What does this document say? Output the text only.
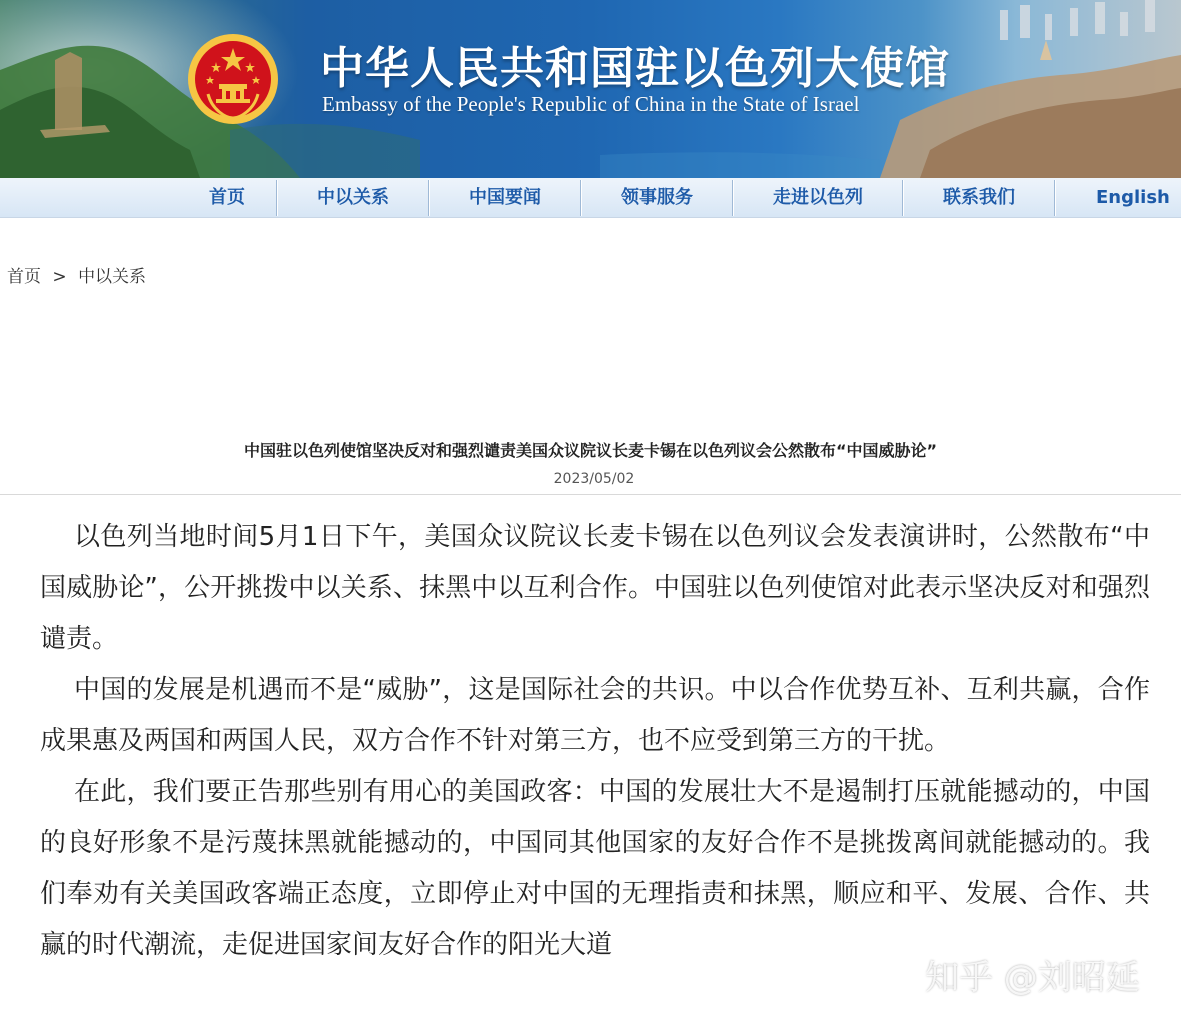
中华人民共和国驻以色列大使馆
Embassy of the People's Republic of China in the State of Israel
首页	中以关系	中国要闻	领事服务	走进以色列	联系我们	English
首页 > 中以关系
中国驻以色列使馆坚决反对和强烈谴责美国众议院议长麦卡锡在以色列议会公然散布“中国威胁论”
2023/05/02

以色列当地时间5月1日下午，美国众议院议长麦卡锡在以色列议会发表演讲时，公然散布“中国威胁论”，公开挑拨中以关系、抹黑中以互利合作。中国驻以色列使馆对此表示坚决反对和强烈谴责。

中国的发展是机遇而不是“威胁”，这是国际社会的共识。中以合作优势互补、互利共赢，合作成果惠及两国和两国人民，双方合作不针对第三方，也不应受到第三方的干扰。

在此，我们要正告那些别有用心的美国政客：中国的发展壮大不是遏制打压就能撼动的，中国的良好形象不是污蔑抹黑就能撼动的，中国同其他国家的友好合作不是挑拨离间就能撼动的。我们奉劝有关美国政客端正态度，立即停止对中国的无理指责和抹黑，顺应和平、发展、合作、共赢的时代潮流，走促进国家间友好合作的阳光大道

知乎 @刘昭延
